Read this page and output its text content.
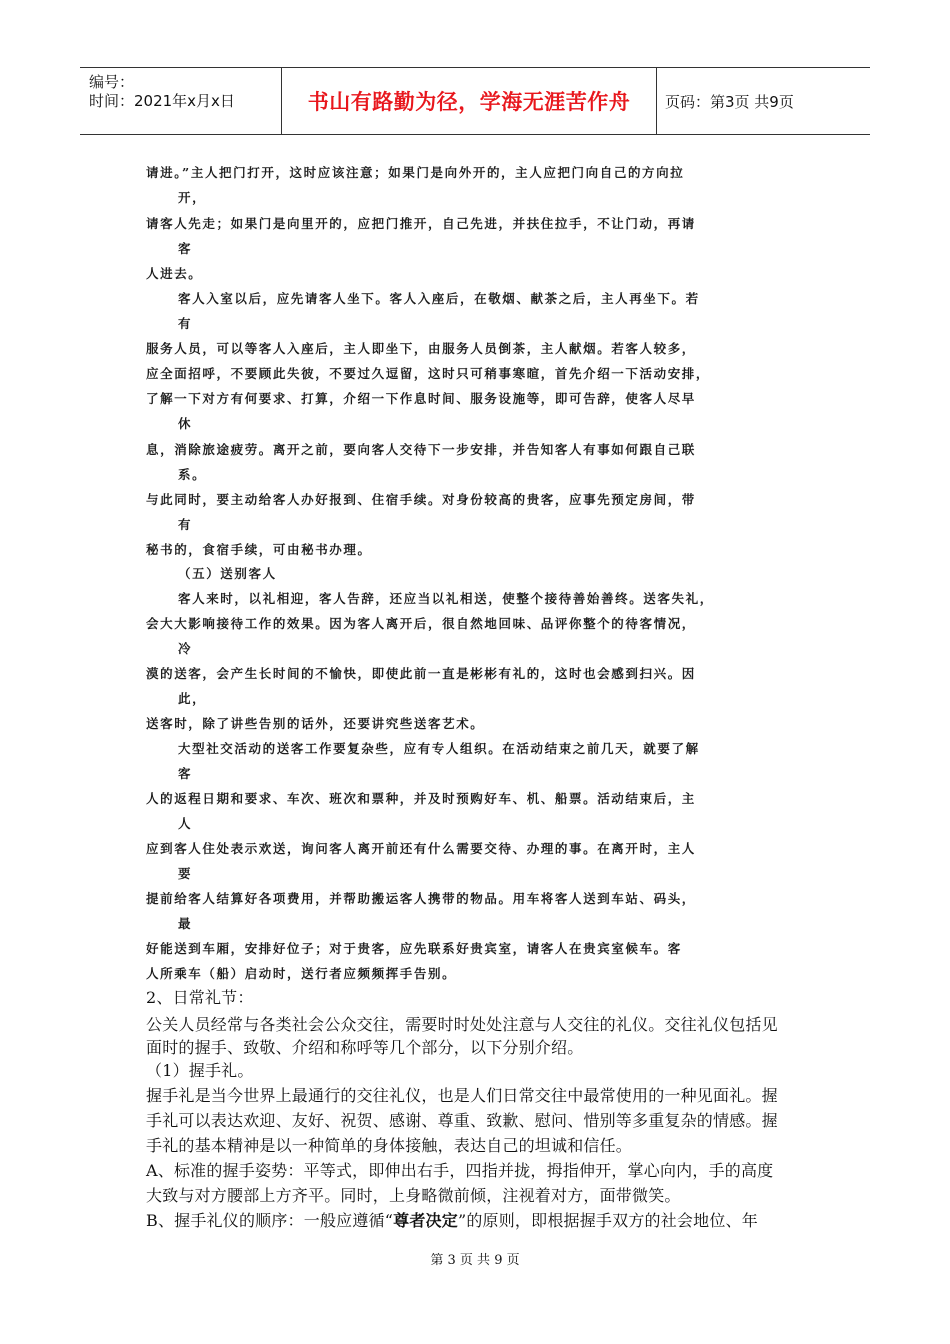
编号：
时间：2021年x月x日	书山有路勤为径，学海无涯苦作舟	页码：第3页 共9页
请进。”主人把门打开，这时应该注意；如果门是向外开的，主人应把门向自己的方向拉
开，
请客人先走；如果门是向里开的，应把门推开，自己先进，并扶住拉手，不让门动，再请
客
人进去。
客人入室以后，应先请客人坐下。客人入座后，在敬烟、献茶之后，主人再坐下。若
有
服务人员，可以等客人入座后，主人即坐下，由服务人员倒茶，主人献烟。若客人较多，
应全面招呼，不要顾此失彼，不要过久逗留，这时只可稍事寒暄，首先介绍一下活动安排，
了解一下对方有何要求、打算，介绍一下作息时间、服务设施等，即可告辞，使客人尽早
休
息，消除旅途疲劳。离开之前，要向客人交待下一步安排，并告知客人有事如何跟自己联
系。
与此同时，要主动给客人办好报到、住宿手续。对身份较高的贵客，应事先预定房间，带
有
秘书的，食宿手续，可由秘书办理。
（五）送别客人
客人来时，以礼相迎，客人告辞，还应当以礼相送，使整个接待善始善终。送客失礼，
会大大影响接待工作的效果。因为客人离开后，很自然地回味、品评你整个的待客情况，
冷
漠的送客，会产生长时间的不愉快，即使此前一直是彬彬有礼的，这时也会感到扫兴。因
此，
送客时，除了讲些告别的话外，还要讲究些送客艺术。
大型社交活动的送客工作要复杂些，应有专人组织。在活动结束之前几天，就要了解
客
人的返程日期和要求、车次、班次和票种，并及时预购好车、机、船票。活动结束后，主
人
应到客人住处表示欢送，询问客人离开前还有什么需要交待、办理的事。在离开时，主人
要
提前给客人结算好各项费用，并帮助搬运客人携带的物品。用车将客人送到车站、码头，
最
好能送到车厢，安排好位子；对于贵客，应先联系好贵宾室，请客人在贵宾室候车。客
人所乘车（船）启动时，送行者应频频挥手告别。
2、日常礼节：
公关人员经常与各类社会公众交往，需要时时处处注意与人交往的礼仪。交往礼仪包括见
面时的握手、致敬、介绍和称呼等几个部分，以下分别介绍。
（1）握手礼。
握手礼是当今世界上最通行的交往礼仪，也是人们日常交往中最常使用的一种见面礼。握
手礼可以表达欢迎、友好、祝贺、感谢、尊重、致歉、慰问、惜别等多重复杂的情感。握
手礼的基本精神是以一种简单的身体接触，表达自己的坦诚和信任。
A、标准的握手姿势：平等式，即伸出右手，四指并拢，拇指伸开，掌心向内，手的高度
大致与对方腰部上方齐平。同时，上身略微前倾，注视着对方，面带微笑。
B、握手礼仪的顺序：一般应遵循“尊者决定”的原则，即根据握手双方的社会地位、年
第 3 页 共 9 页
